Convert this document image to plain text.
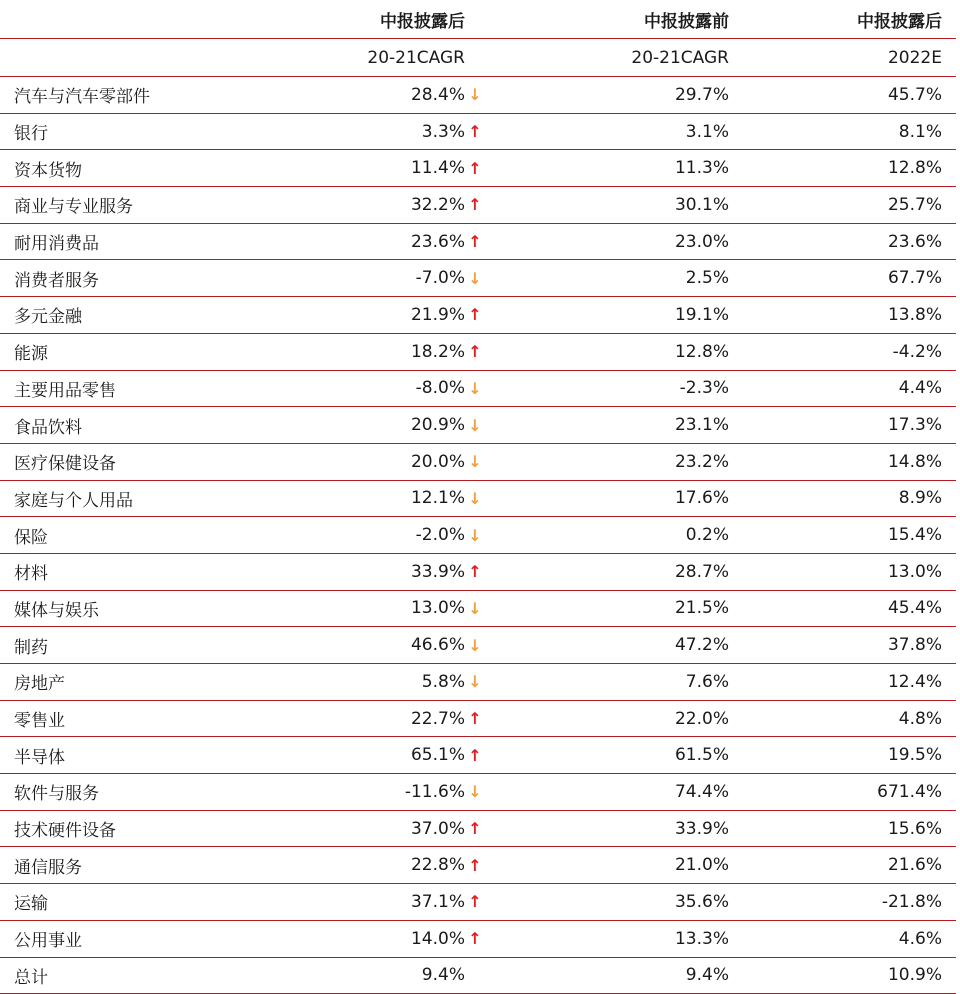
	中报披露后	中报披露前	中报披露后

	20-21CAGR	20-21CAGR	2022E
汽车与汽车零部件	28.4% ↓	29.7%	45.7%
银行	3.3% ↑	3.1%	8.1%
资本货物	11.4% ↑	11.3%	12.8%
商业与专业服务	32.2% ↑	30.1%	25.7%
耐用消费品	23.6% ↑	23.0%	23.6%
消费者服务	-7.0% ↓	2.5%	67.7%
多元金融	21.9% ↑	19.1%	13.8%
能源	18.2% ↑	12.8%	-4.2%
主要用品零售	-8.0% ↓	-2.3%	4.4%
食品饮料	20.9% ↓	23.1%	17.3%
医疗保健设备	20.0% ↓	23.2%	14.8%
家庭与个人用品	12.1% ↓	17.6%	8.9%
保险	-2.0% ↓	0.2%	15.4%
材料	33.9% ↑	28.7%	13.0%
媒体与娱乐	13.0% ↓	21.5%	45.4%
制药	46.6% ↓	47.2%	37.8%
房地产	5.8% ↓	7.6%	12.4%
零售业	22.7% ↑	22.0%	4.8%
半导体	65.1% ↑	61.5%	19.5%
软件与服务	-11.6% ↓	74.4%	671.4%
技术硬件设备	37.0% ↑	33.9%	15.6%
通信服务	22.8% ↑	21.0%	21.6%
运输	37.1% ↑	35.6%	-21.8%
公用事业	14.0% ↑	13.3%	4.6%
总计	9.4%	9.4%	10.9%
